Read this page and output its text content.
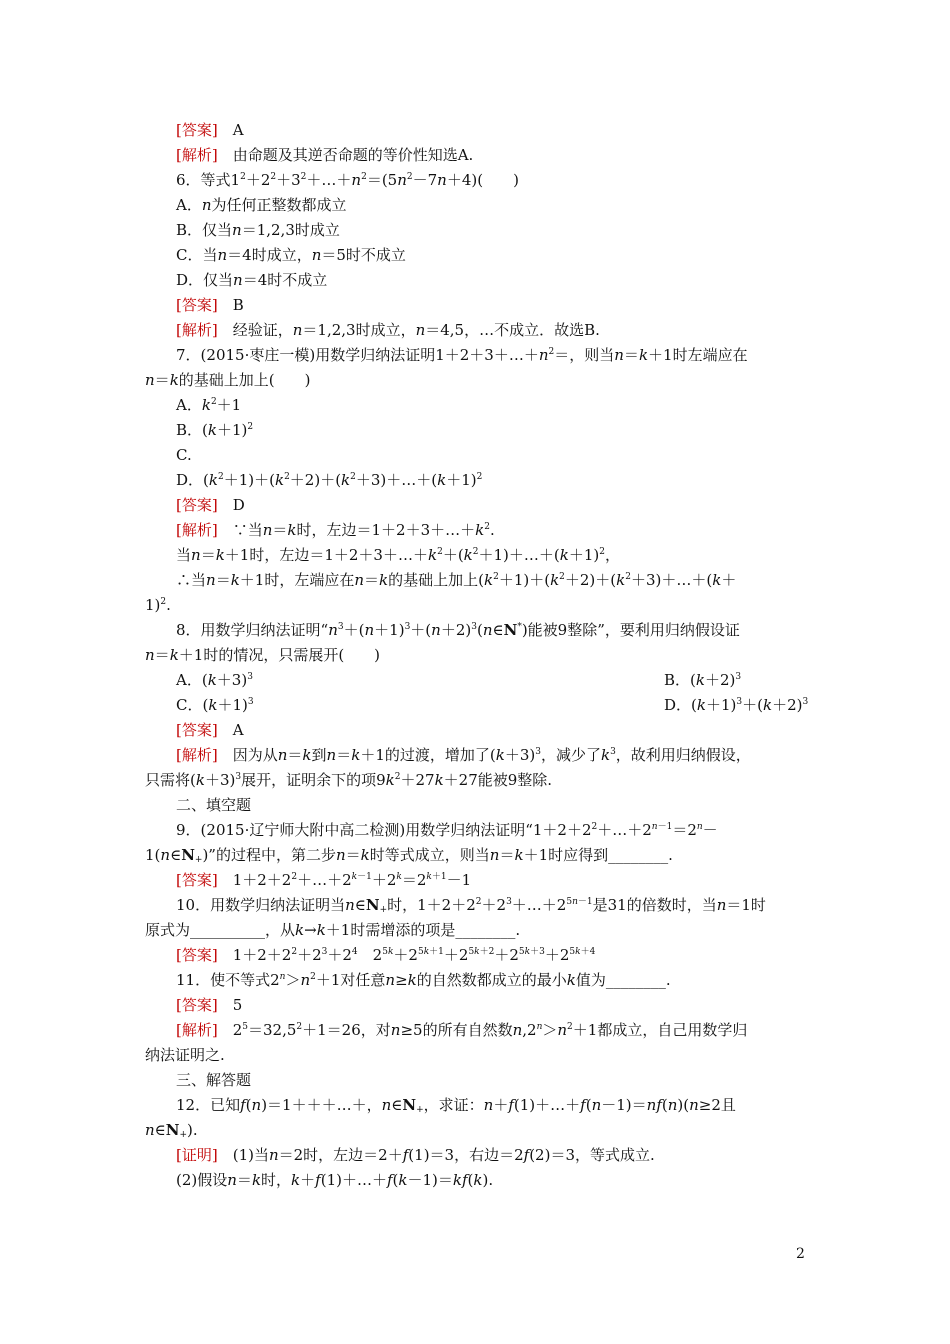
[答案]　A
[解析]　由命题及其逆否命题的等价性知选A.
6．等式$1^2+2^2+3^2+\dots+n^2=(5n^2-7n+4)$(　　)
A．n为任何正整数都成立
B．仅当n＝1,2,3时成立
C．当n＝4时成立，n＝5时不成立
D．仅当n＝4时不成立
[答案]　B
[解析]　经验证，n＝1,2,3时成立，n＝4,5，…不成立．故选B.
7．(2015·枣庄一模)用数学归纳法证明$1+2+3+\dots+n^2=$，则当n＝k＋1时左端应在
n＝k的基础上加上(　　)
A．$k^2+1$
B．$(k+1)^2$
C.
D．$(k^2+1)+(k^2+2)+(k^2+3)+\dots+(k+1)^2$
[答案]　D
[解析]　∵当n＝k时，左边$=1+2+3+\dots+k^2$.
当n＝k＋1时，左边$=1+2+3+\dots+k^2+(k^2+1)+\dots+(k+1)^2$，
∴当n＝k＋1时，左端应在n＝k的基础上加上$(k^2+1)+(k^2+2)+(k^2+3)+\dots+(k+$
1)$^2$.
8．用数学归纳法证明“$n^3+(n+1)^3+(n+2)^3(n\in N^*)$能被9整除”，要利用归纳假设证
n＝k＋1时的情况，只需展开(　　)
A．$(k+3)^3$	B．$(k+2)^3$
C．$(k+1)^3$	D．$(k+1)^3+(k+2)^3$
[答案]　A
[解析]　因为从n＝k到n＝k＋1的过渡，增加了$(k+3)^3$，减少了$k^3$，故利用归纳假设，
只需将$(k+3)^3$展开，证明余下的项$9k^2+27k+27$能被9整除.
二、填空题
9．(2015·辽宁师大附中高二检测)用数学归纳法证明“$1+2+2^2+\dots+2^{n-1}=2^n-$
$1(n\in N_+)$”的过程中，第二步n＝k时等式成立，则当n＝k＋1时应得到________.
[答案]　$1+2+2^2+\dots+2^{k-1}+2^k=2^{k+1}-1$
10．用数学归纳法证明当$n\in N_+$时，$1+2+2^2+2^3+\dots+2^{5n-1}$是31的倍数时，当n＝1时
原式为__________，从k→k＋1时需增添的项是________.
[答案]　$1+2+2^2+2^3+2^4$　$2^{5k}+2^{5k+1}+2^{5k+2}+2^{5k+3}+2^{5k+4}$
11．使不等式$2^n>n^2+1$对任意n≥k的自然数都成立的最小k值为________.
[答案]　5
[解析]　$2^5=32,5^2+1=26$，对n≥5的所有自然数$n,2^n>n^2+1$都成立，自己用数学归
纳法证明之.
三、解答题
12．已知f(n)＝1＋＋＋…＋，$n\in N_+$，求证：n＋f(1)＋…＋f(n－1)＝nf(n)(n≥2且
$n\in N_+$).
[证明]　(1)当n＝2时，左边＝2＋f(1)＝3，右边＝2f(2)＝3，等式成立.
(2)假设n＝k时，k＋f(1)＋…＋f(k－1)＝kf(k).
2
